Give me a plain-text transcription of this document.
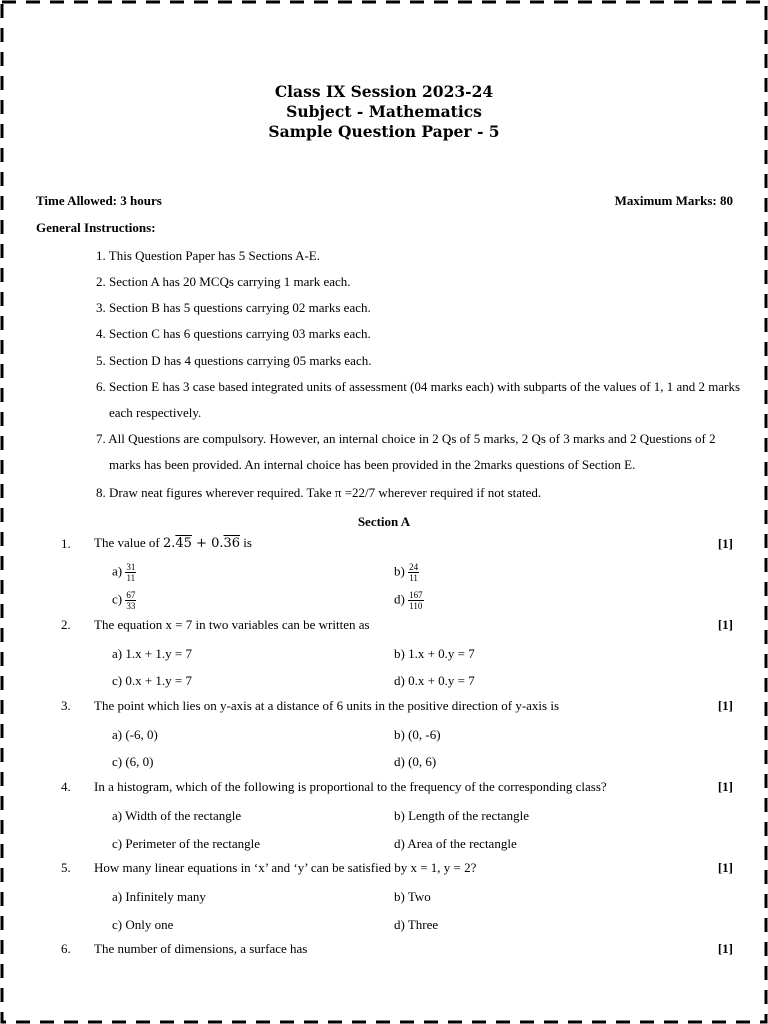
Class IX Session 2023-24
Subject - Mathematics
Sample Question Paper - 5
Time Allowed: 3 hours	Maximum Marks: 80
General Instructions:
1. This Question Paper has 5 Sections A-E.
2. Section A has 20 MCQs carrying 1 mark each.
3. Section B has 5 questions carrying 02 marks each.
4. Section C has 6 questions carrying 03 marks each.
5. Section D has 4 questions carrying 05 marks each.
6. Section E has 3 case based integrated units of assessment (04 marks each) with subparts of the values of 1, 1 and 2 marks each respectively.
7. All Questions are compulsory. However, an internal choice in 2 Qs of 5 marks, 2 Qs of 3 marks and 2 Questions of 2 marks has been provided. An internal choice has been provided in the 2marks questions of Section E.
8. Draw neat figures wherever required. Take π =22/7 wherever required if not stated.
Section A
1. The value of 2.45 + 0.36 is	[1]
$a) \frac{31}{11}$	$b) \frac{24}{11}$
$c) \frac{67}{33}$	$d) \frac{167}{110}$
2. The equation x = 7 in two variables can be written as	[1]
a) 1.x + 1.y = 7	b) 1.x + 0.y = 7
c) 0.x + 1.y = 7	d) 0.x + 0.y = 7
3. The point which lies on y-axis at a distance of 6 units in the positive direction of y-axis is	[1]
a) (-6, 0)	b) (0, -6)
c) (6, 0)	d) (0, 6)
4. In a histogram, which of the following is proportional to the frequency of the corresponding class?	[1]
a) Width of the rectangle	b) Length of the rectangle
c) Perimeter of the rectangle	d) Area of the rectangle
5. How many linear equations in ‘x’ and ‘y’ can be satisfied by x = 1, y = 2?	[1]
a) Infinitely many	b) Two
c) Only one	d) Three
6. The number of dimensions, a surface has	[1]
